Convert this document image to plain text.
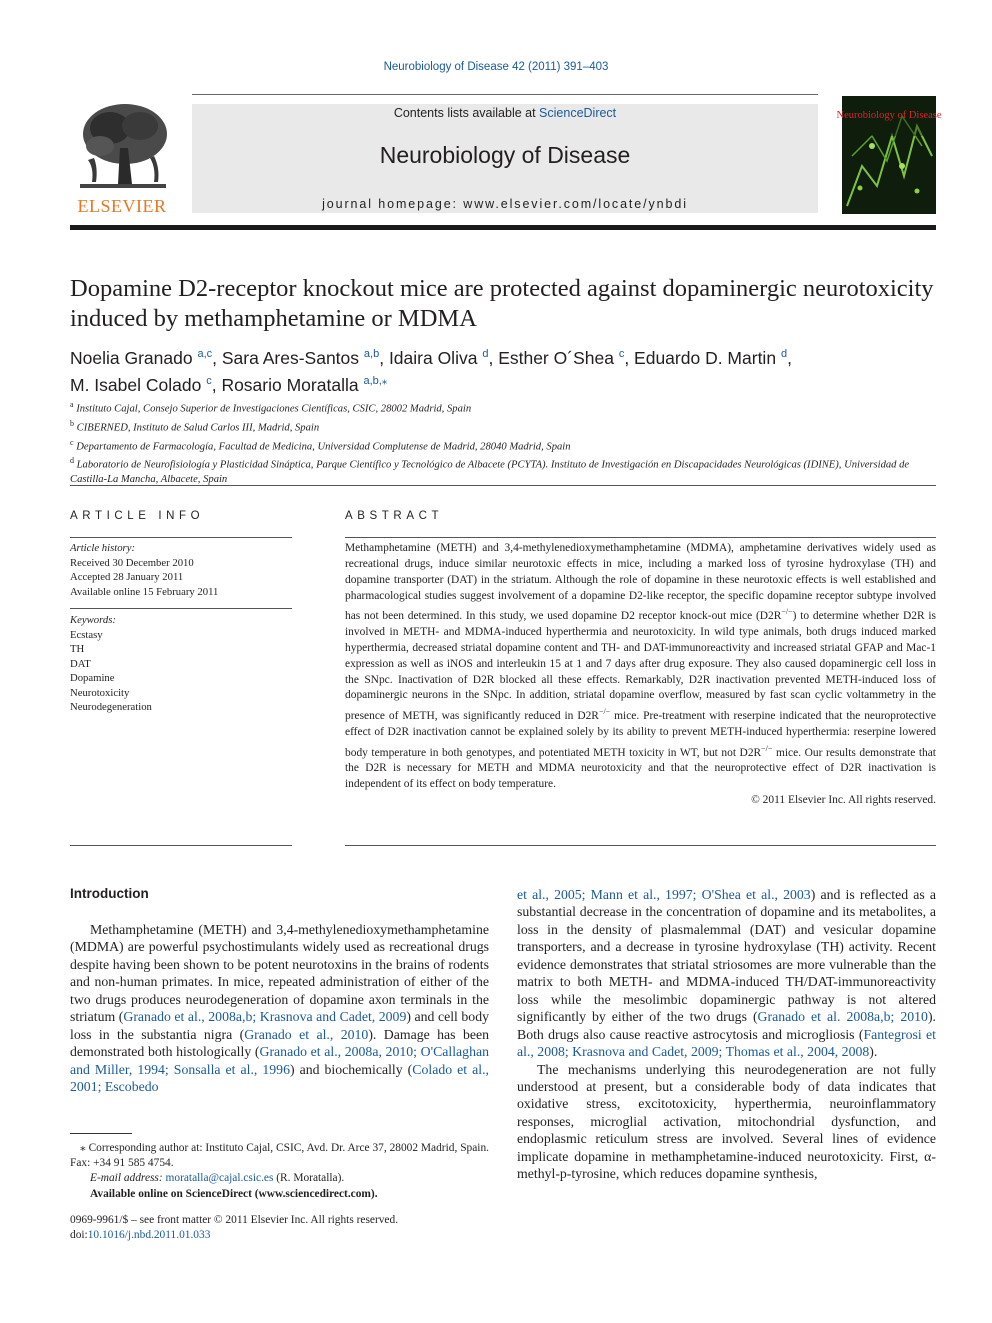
Neurobiology of Disease 42 (2011) 391–403
ELSEVIER
Contents lists available at ScienceDirect
Neurobiology of Disease
journal homepage: www.elsevier.com/locate/ynbdi
Neurobiology of Disease
Dopamine D2-receptor knockout mice are protected against dopaminergic neurotoxicity induced by methamphetamine or MDMA
Noelia Granado $^{a,c}$, Sara Ares-Santos $^{a,b}$, Idaira Oliva $^d$, Esther O´Shea $^c$, Eduardo D. Martin $^d$,
M. Isabel Colado $^c$, Rosario Moratalla $^{a,b,⁎}$
$^a$ Instituto Cajal, Consejo Superior de Investigaciones Científicas, CSIC, 28002 Madrid, Spain
$^b$ CIBERNED, Instituto de Salud Carlos III, Madrid, Spain
$^c$ Departamento de Farmacología, Facultad de Medicina, Universidad Complutense de Madrid, 28040 Madrid, Spain
$^d$ Laboratorio de Neurofisiología y Plasticidad Sináptica, Parque Científico y Tecnológico de Albacete (PCYTA). Instituto de Investigación en Discapacidades Neurológicas (IDINE), Universidad de Castilla-La Mancha, Albacete, Spain
ARTICLE INFO	ABSTRACT
Article history:
Received 30 December 2010
Accepted 28 January 2011
Available online 15 February 2011
Keywords:
Ecstasy
TH
DAT
Dopamine
Neurotoxicity
Neurodegeneration
Methamphetamine (METH) and 3,4-methylenedioxymethamphetamine (MDMA), amphetamine derivatives widely used as recreational drugs, induce similar neurotoxic effects in mice, including a marked loss of tyrosine hydroxylase (TH) and dopamine transporter (DAT) in the striatum. Although the role of dopamine in these neurotoxic effects is well established and pharmacological studies suggest involvement of a dopamine D2-like receptor, the specific dopamine receptor subtype involved has not been determined. In this study, we used dopamine D2 receptor knock-out mice (D2R−/−) to determine whether D2R is involved in METH- and MDMA-induced hyperthermia and neurotoxicity. In wild type animals, both drugs induced marked hyperthermia, decreased striatal dopamine content and TH- and DAT-immunoreactivity and increased striatal GFAP and Mac-1 expression as well as iNOS and interleukin 15 at 1 and 7 days after drug exposure. They also caused dopaminergic cell loss in the SNpc. Inactivation of D2R blocked all these effects. Remarkably, D2R inactivation prevented METH-induced loss of dopaminergic neurons in the SNpc. In addition, striatal dopamine overflow, measured by fast scan cyclic voltammetry in the presence of METH, was significantly reduced in D2R−/− mice. Pre-treatment with reserpine indicated that the neuroprotective effect of D2R inactivation cannot be explained solely by its ability to prevent METH-induced hyperthermia: reserpine lowered body temperature in both genotypes, and potentiated METH toxicity in WT, but not D2R−/− mice. Our results demonstrate that the D2R is necessary for METH and MDMA neurotoxicity and that the neuroprotective effect of D2R inactivation is independent of its effect on body temperature.
© 2011 Elsevier Inc. All rights reserved.
Introduction

Methamphetamine (METH) and 3,4-methylenedioxymethamphetamine (MDMA) are powerful psychostimulants widely used as recreational drugs despite having been shown to be potent neurotoxins in the brains of rodents and non-human primates. In mice, repeated administration of either of the two drugs produces neurodegeneration of dopamine axon terminals in the striatum (Granado et al., 2008a,b; Krasnova and Cadet, 2009) and cell body loss in the substantia nigra (Granado et al., 2010). Damage has been demonstrated both histologically (Granado et al., 2008a, 2010; O'Callaghan and Miller, 1994; Sonsalla et al., 1996) and biochemically (Colado et al., 2001; Escobedo

et al., 2005; Mann et al., 1997; O'Shea et al., 2003) and is reflected as a substantial decrease in the concentration of dopamine and its metabolites, a loss in the density of plasmalemmal (DAT) and vesicular dopamine transporters, and a decrease in tyrosine hydroxylase (TH) activity. Recent evidence demonstrates that striatal striosomes are more vulnerable than the matrix to both METH- and MDMA-induced TH/DAT-immunoreactivity loss while the mesolimbic dopaminergic pathway is not altered significantly by either of the two drugs (Granado et al. 2008a,b; 2010). Both drugs also cause reactive astrocytosis and microgliosis (Fantegrosi et al., 2008; Krasnova and Cadet, 2009; Thomas et al., 2004, 2008).

The mechanisms underlying this neurodegeneration are not fully understood at present, but a considerable body of data indicates that oxidative stress, excitotoxicity, hyperthermia, neuroinflammatory responses, microglial activation, mitochondrial dysfunction, and endoplasmic reticulum stress are involved. Several lines of evidence implicate dopamine in methamphetamine-induced neurotoxicity. First, α-methyl-p-tyrosine, which reduces dopamine synthesis,

⁎ Corresponding author at: Instituto Cajal, CSIC, Avd. Dr. Arce 37, 28002 Madrid, Spain. Fax: +34 91 585 4754.
E-mail address: moratalla@cajal.csic.es (R. Moratalla).
Available online on ScienceDirect (www.sciencedirect.com).
0969-9961/$ – see front matter © 2011 Elsevier Inc. All rights reserved.
doi:10.1016/j.nbd.2011.01.033
